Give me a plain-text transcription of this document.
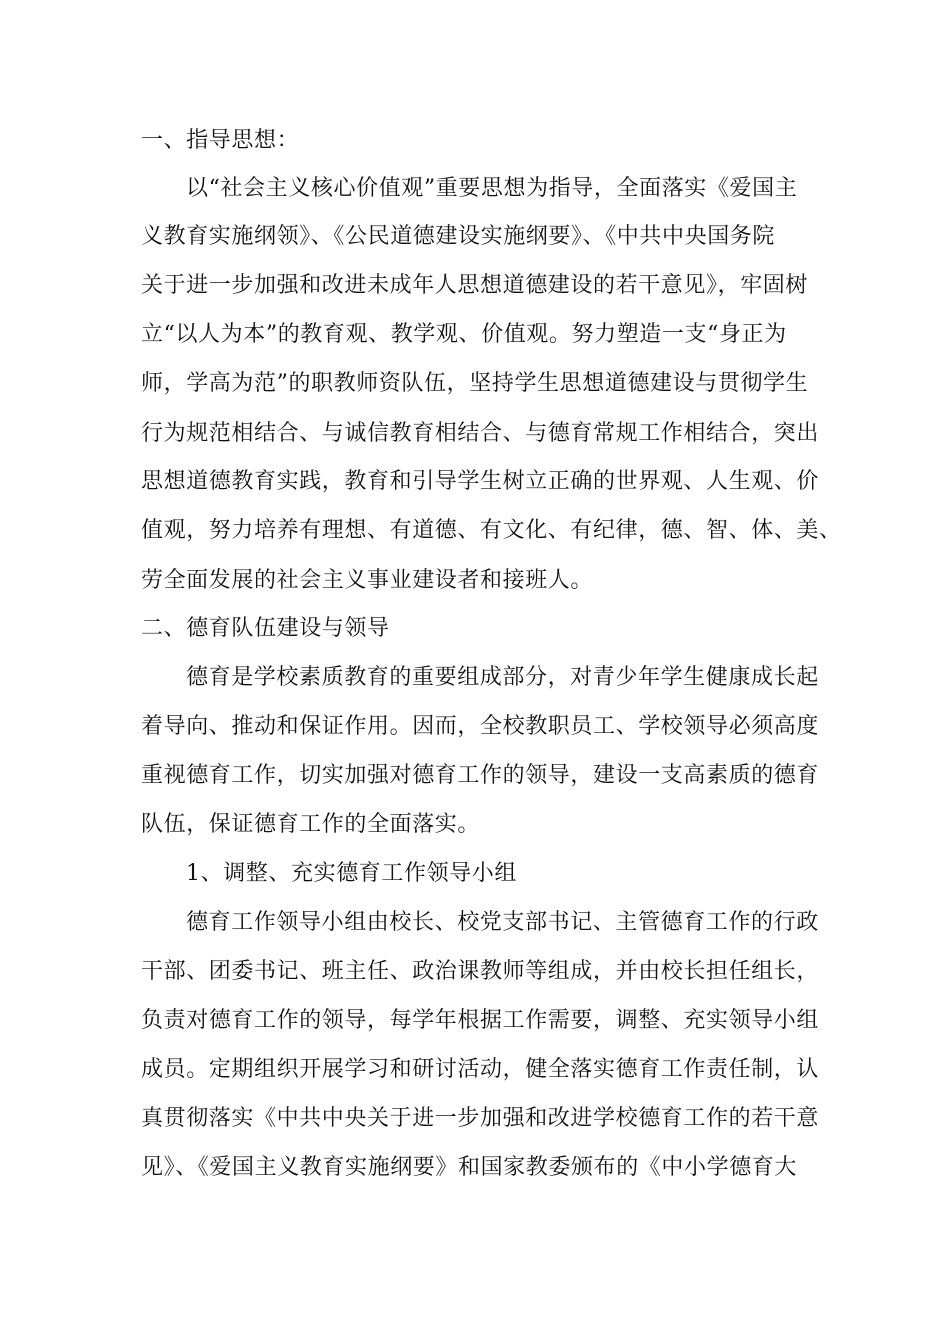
一、指导思想：
以“社会主义核心价值观”重要思想为指导，全面落实《爱国主
义教育实施纲领》、《公民道德建设实施纲要》、《中共中央国务院
关于进一步加强和改进未成年人思想道德建设的若干意见》，牢固树
立“以人为本”的教育观、教学观、价值观。努力塑造一支“身正为
师，学高为范”的职教师资队伍，坚持学生思想道德建设与贯彻学生
行为规范相结合、与诚信教育相结合、与德育常规工作相结合，突出
思想道德教育实践，教育和引导学生树立正确的世界观、人生观、价
值观，努力培养有理想、有道德、有文化、有纪律，德、智、体、美、
劳全面发展的社会主义事业建设者和接班人。
二、德育队伍建设与领导
德育是学校素质教育的重要组成部分，对青少年学生健康成长起
着导向、推动和保证作用。因而，全校教职员工、学校领导必须高度
重视德育工作，切实加强对德育工作的领导，建设一支高素质的德育
队伍，保证德育工作的全面落实。
1、调整、充实德育工作领导小组
德育工作领导小组由校长、校党支部书记、主管德育工作的行政
干部、团委书记、班主任、政治课教师等组成，并由校长担任组长，
负责对德育工作的领导，每学年根据工作需要，调整、充实领导小组
成员。定期组织开展学习和研讨活动，健全落实德育工作责任制，认
真贯彻落实《中共中央关于进一步加强和改进学校德育工作的若干意
见》、《爱国主义教育实施纲要》和国家教委颁布的《中小学德育大
